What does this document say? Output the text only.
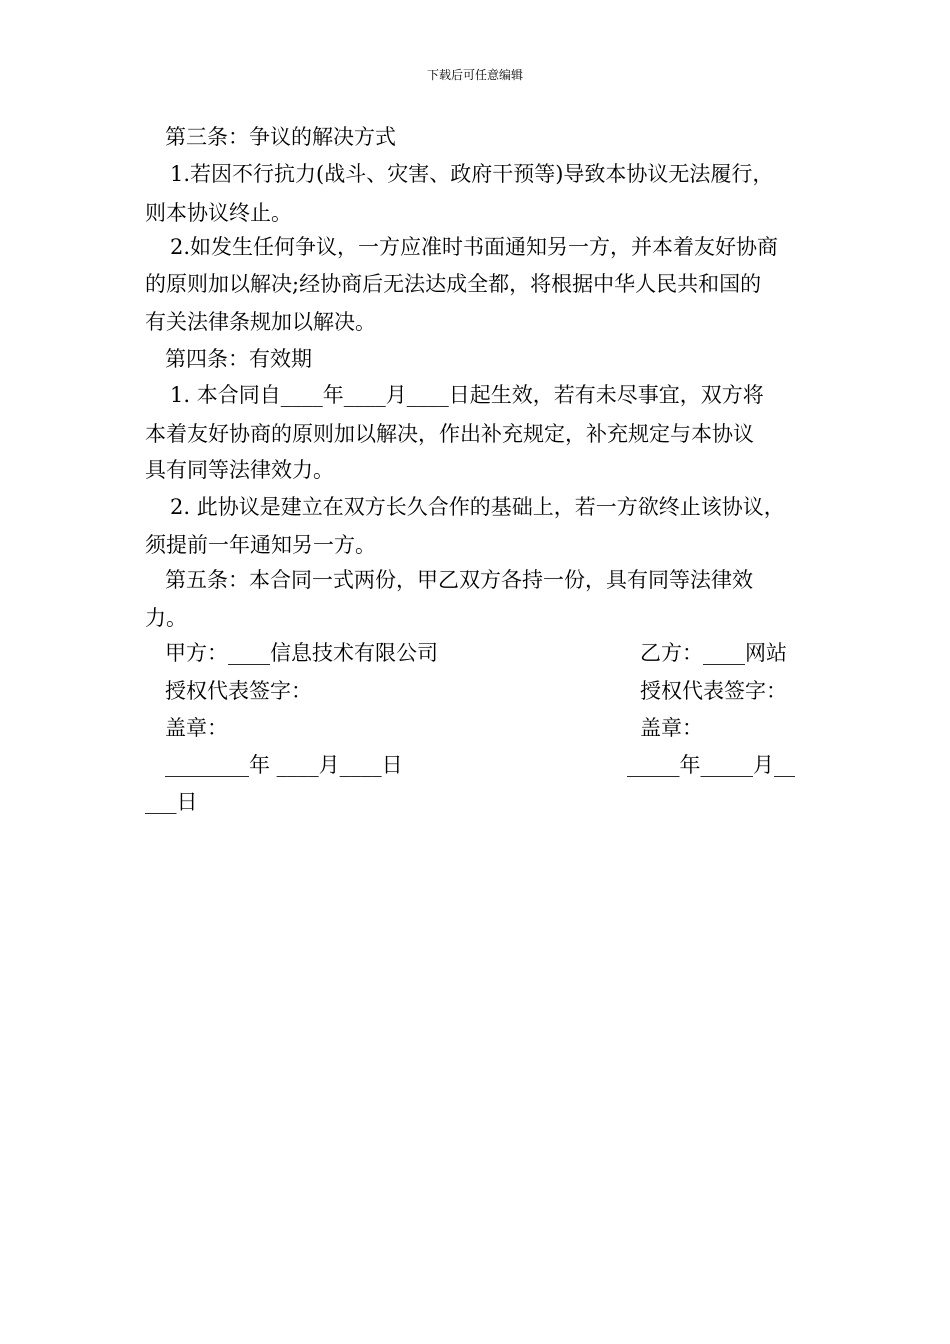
下载后可任意编辑
第三条：争议的解决方式
1.若因不行抗力(战斗、灾害、政府干预等)导致本协议无法履行，
则本协议终止。
2.如发生任何争议，一方应准时书面通知另一方，并本着友好协商
的原则加以解决;经协商后无法达成全都，将根据中华人民共和国的
有关法律条规加以解决。
第四条：有效期
1. 本合同自____年____月____日起生效，若有未尽事宜，双方将
本着友好协商的原则加以解决，作出补充规定，补充规定与本协议
具有同等法律效力。
2. 此协议是建立在双方长久合作的基础上，若一方欲终止该协议，
须提前一年通知另一方。
第五条：本合同一式两份，甲乙双方各持一份，具有同等法律效
力。
甲方：____信息技术有限公司	乙方：____网站
授权代表签字：	授权代表签字：
盖章：	盖章：
________年 ____月____日	_____年_____月__
___日
